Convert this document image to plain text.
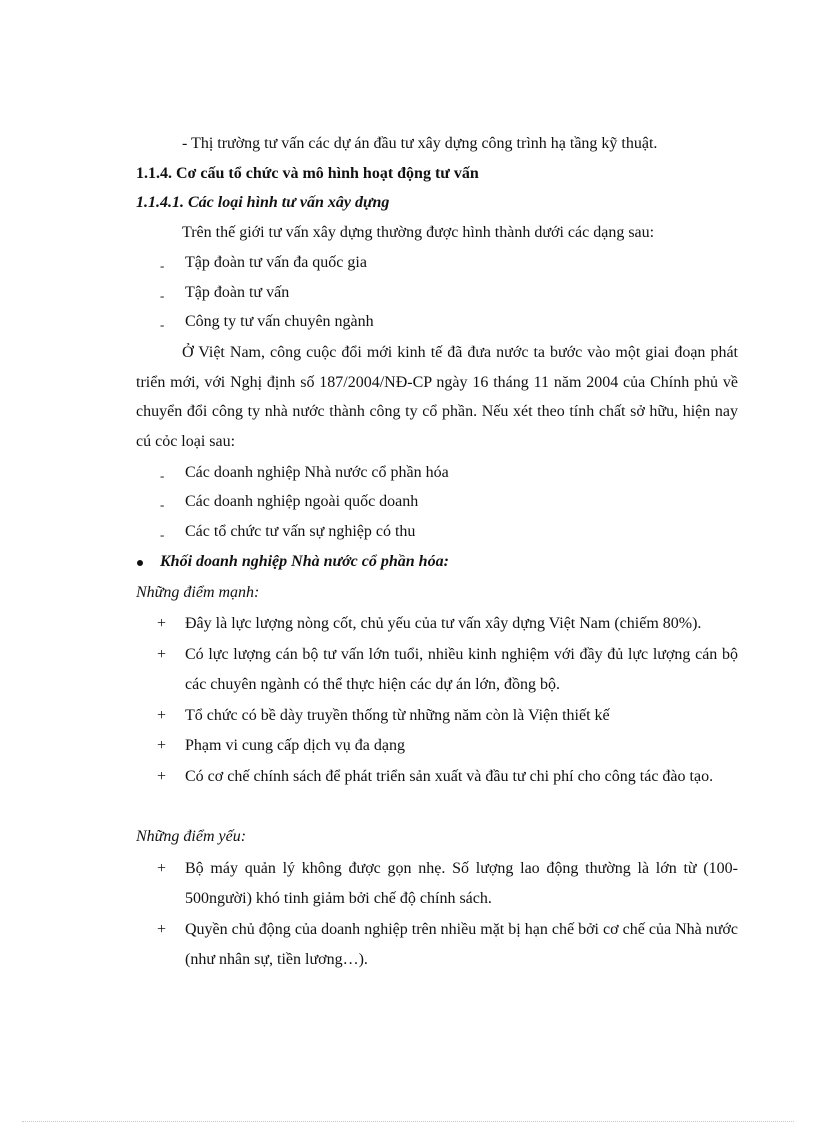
- Thị trường tư vấn các dự án đầu tư xây dựng công trình hạ tầng kỹ thuật.
1.1.4. Cơ cấu tổ chức và mô hình hoạt động tư vấn
1.1.4.1. Các loại hình tư vấn xây dựng
Trên thế giới tư vấn xây dựng thường được hình thành dưới các dạng sau:
- Tập đoàn tư vấn đa quốc gia
- Tập đoàn tư vấn
- Công ty tư vấn chuyên ngành
Ở Việt Nam, công cuộc đổi mới kinh tế đã đưa nước ta bước vào một giai đoạn phát triển mới, với Nghị định số 187/2004/NĐ-CP ngày 16 tháng 11 năm 2004 của Chính phủ về chuyển đổi công ty nhà nước thành công ty cổ phần. Nếu xét theo tính chất sở hữu, hiện nay cú cỏc loại sau:
- Các doanh nghiệp Nhà nước cổ phần hóa
- Các doanh nghiệp ngoài quốc doanh
- Các tổ chức tư vấn sự nghiệp có thu
Khối doanh nghiệp Nhà nước cổ phần hóa:
Những điểm mạnh:
+ Đây là lực lượng nòng cốt, chủ yếu của tư vấn xây dựng Việt Nam (chiếm 80%).
+ Có lực lượng cán bộ tư vấn lớn tuổi, nhiều kinh nghiệm với đầy đủ lực lượng cán bộ các chuyên ngành có thể thực hiện các dự án lớn, đồng bộ.
+ Tổ chức có bề dày truyền thống từ những năm còn là Viện thiết kế
+ Phạm vi cung cấp dịch vụ đa dạng
+ Có cơ chế chính sách để phát triển sản xuất và đầu tư chi phí cho công tác đào tạo.
Những điểm yếu:
+ Bộ máy quản lý không được gọn nhẹ. Số lượng lao động thường là lớn từ (100-500người) khó tinh giảm bởi chế độ chính sách.
+ Quyền chủ động của doanh nghiệp trên nhiều mặt bị hạn chế bởi cơ chế của Nhà nước (như nhân sự, tiền lương…).
